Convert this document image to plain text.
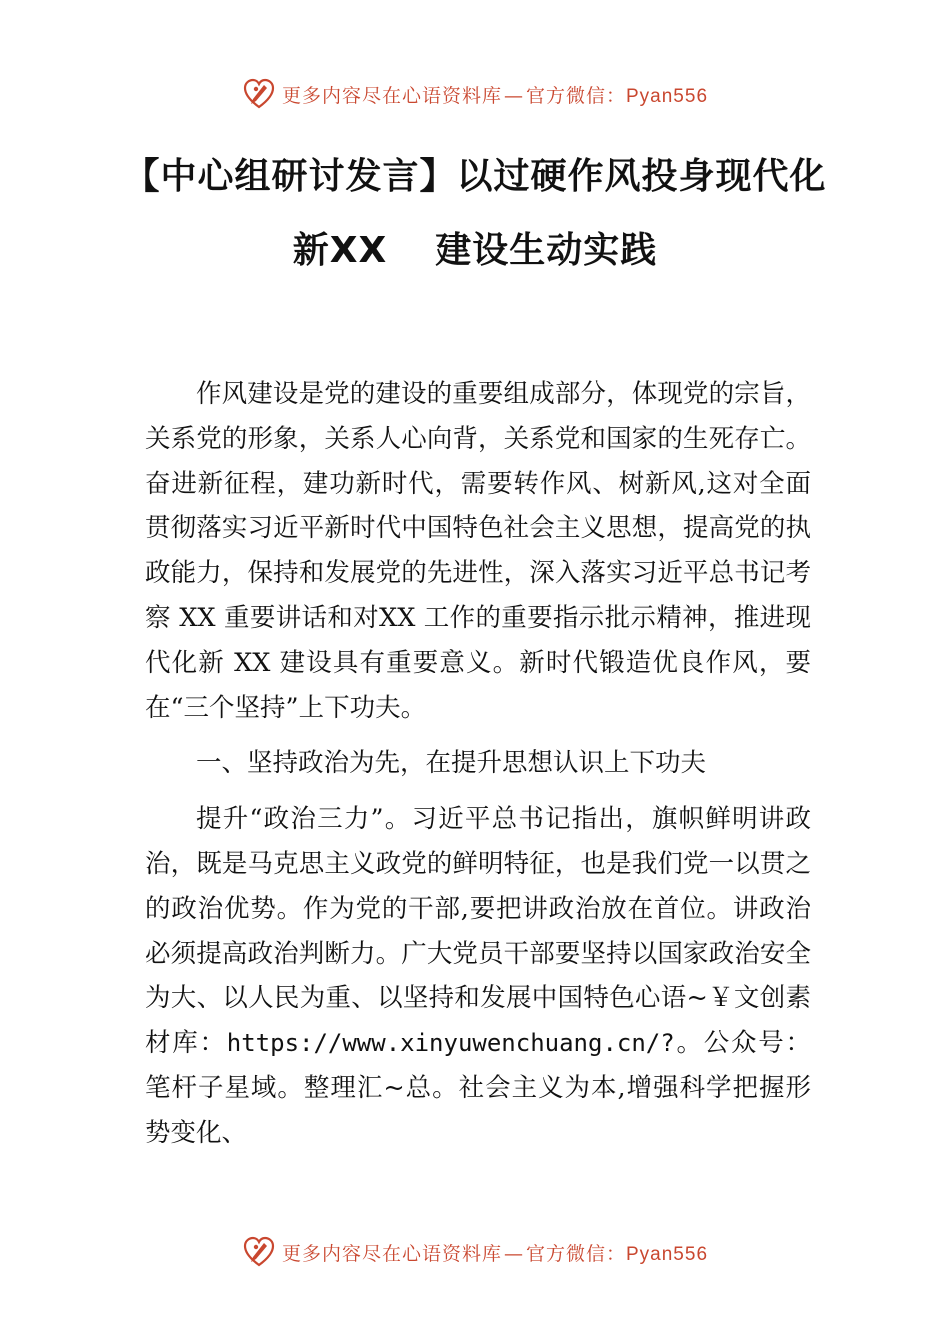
更多内容尽在心语资料库 — 官方微信：Pyan556
【中心组研讨发言】以过硬作风投身现代化
新XX 建设生动实践

作风建设是党的建设的重要组成部分，体现党的宗旨，关系党的形象，关系人心向背，关系党和国家的生死存亡。奋进新征程，建功新时代，需要转作风、树新风,这对全面贯彻落实习近平新时代中国特色社会主义思想，提高党的执政能力，保持和发展党的先进性，深入落实习近平总书记考察 XX 重要讲话和对XX 工作的重要指示批示精神，推进现代化新 XX 建设具有重要意义。新时代锻造优良作风，要在“三个坚持”上下功夫。

一、坚持政治为先，在提升思想认识上下功夫

提升“政治三力”。习近平总书记指出，旗帜鲜明讲政治，既是马克思主义政党的鲜明特征，也是我们党一以贯之的政治优势。作为党的干部,要把讲政治放在首位。讲政治必须提高政治判断力。广大党员干部要坚持以国家政治安全为大、以人民为重、以坚持和发展中国特色心语~￥文创素材库：https://www.xinyuwenchuang.cn/?。公众号：笔杆子星域。整理汇~总。社会主义为本,增强科学把握形势变化、

更多内容尽在心语资料库 — 官方微信：Pyan556
